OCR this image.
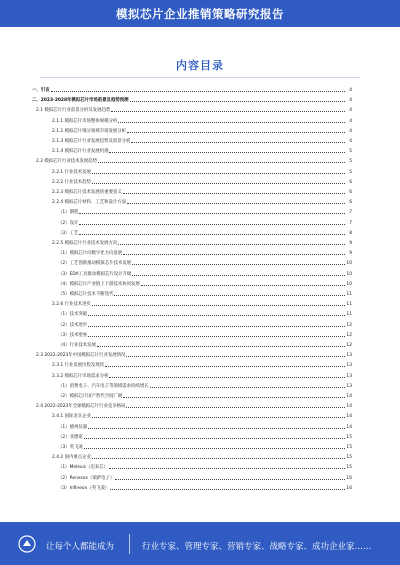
模拟芯片企业推销策略研究报告
内容目录
一、引言	4
二、2023-2028年模拟芯片市场前景及趋势预测	4
2.1 模拟芯片行业前景分析及发展趋势	4
2.1.1 模拟芯片市场整体规模分析	4
2.1.2 模拟芯片细分领域市场发展分析	4
2.1.3 模拟芯片行业发展趋势及前景分析	4
2.1.4 模拟芯片行业发展机遇	5
2.2 模拟芯片行业技术发展趋势	5
2.2.1 行业技术发展	5
2.2.2 行业技术趋势	6
2.2.3 模拟芯片技术发展的重要意义	6
2.2.4 模拟芯片材料、工艺和设计方面	6
（1）制程	7
（2）设计	7
（3）工艺	8
2.2.5 模拟芯片行业技术发展方向	9
（1）模拟芯片向数字化方向发展	9
（2）工艺创新推动模拟芯片技术发展	10
（3）EDA工具推动模拟芯片设计升级	10
（4）模拟芯片产业链上下游技术协同发展	10
（5）模拟芯片技术不断迭代	11
2.2.6 行业技术进步	11
（1）技术突破	11
（2）技术进步	12
（3）技术壁垒	12
（4）行业技术发展	12
2.3 2022-2023年中国模拟芯片行业发展情况	13
2.3.1 行业发展历程及现状	13
2.3.2 模拟芯片市场需求分析	13
（1）消费电子、汽车电子等领域需求持续增长	13
（2）模拟芯片国产替代空间广阔	14
2.4 2022-2023年全球模拟芯片行业竞争格局	14
2.4.1 国际龙头企业	14
（1）德州仪器	14
（2）亚德诺	15
（3）英飞凌	15
2.4.2 国内重点企业	15
（1）Melexis（迈来芯）	15
（2）Renesas（瑞萨电子）	16
（3）Infineon（英飞凌）	16
让每个人都能成为	行业专家、管理专家、营销专家、战略专家、成功企业家……
